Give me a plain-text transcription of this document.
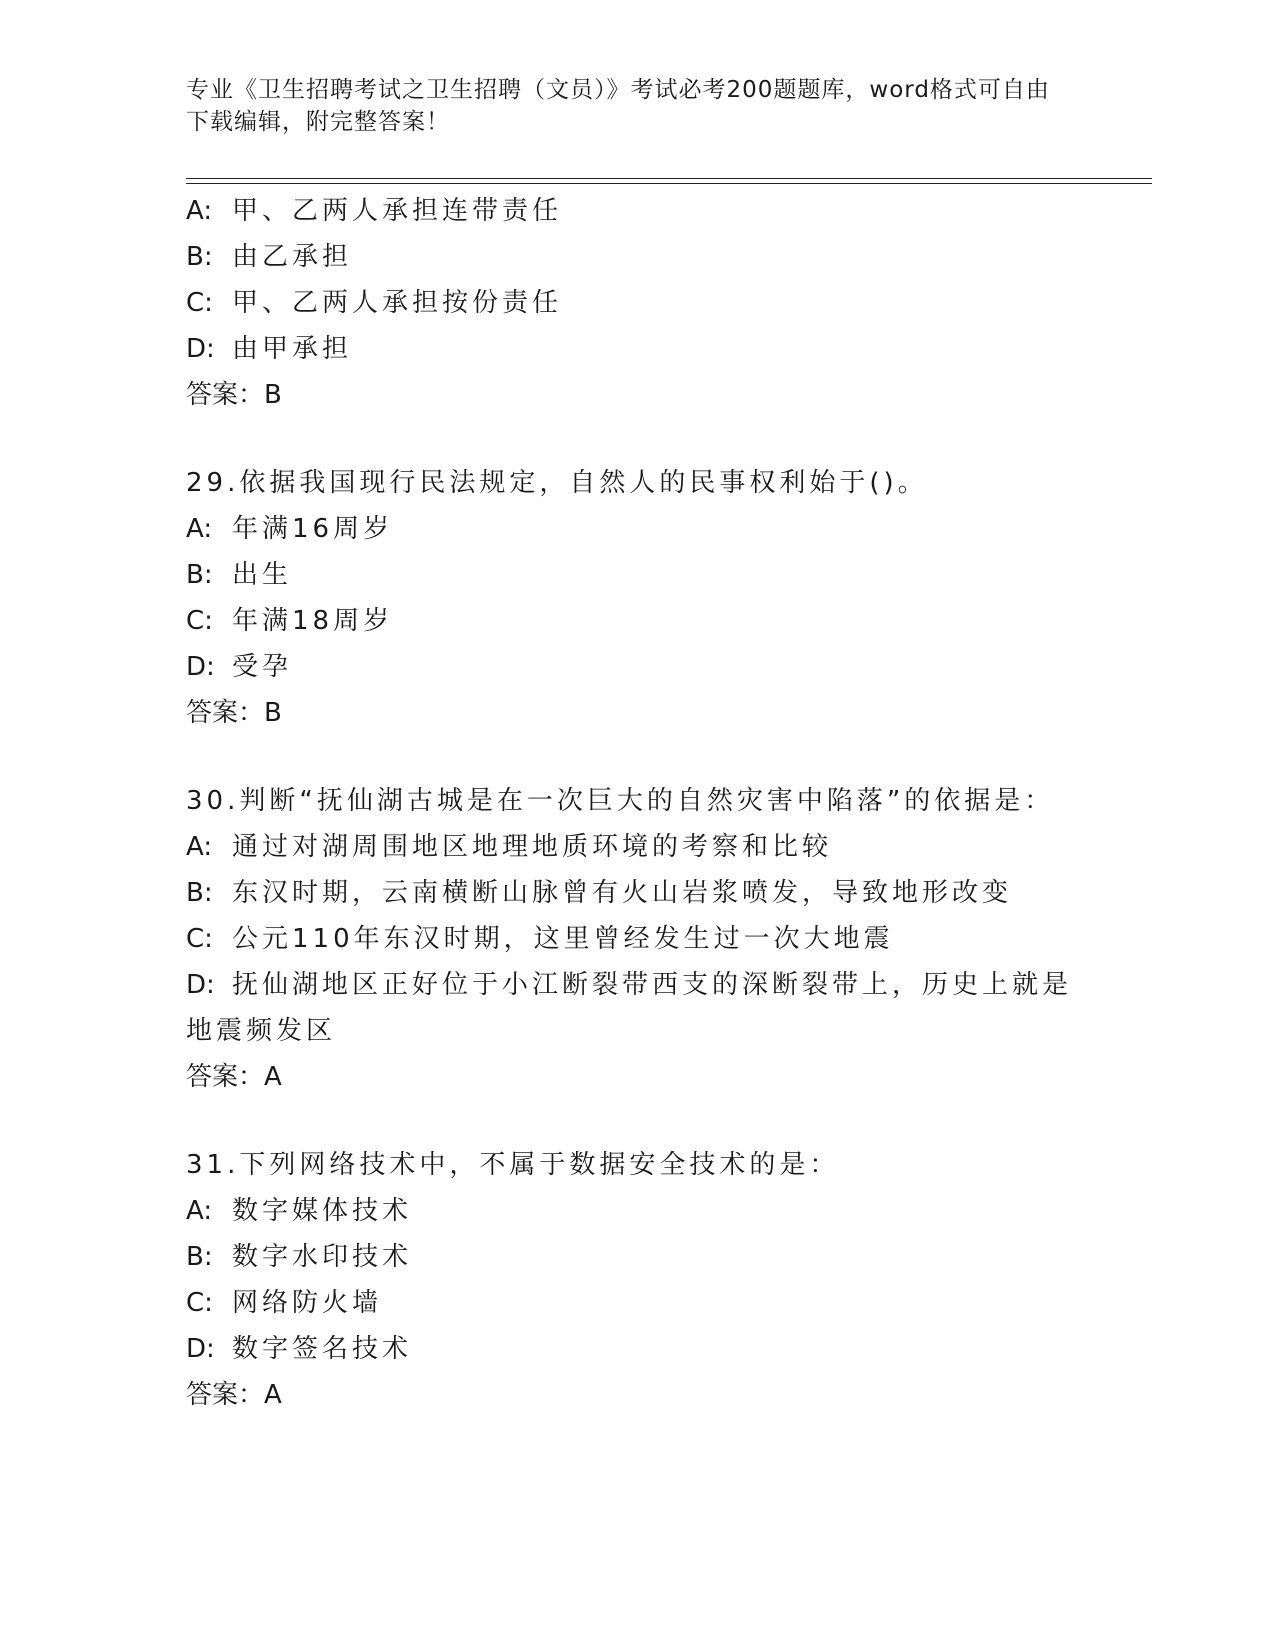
专业《卫生招聘考试之卫生招聘（文员）》考试必考200题题库，word格式可自由下载编辑，附完整答案！
A: 甲、乙两人承担连带责任
B: 由乙承担
C: 甲、乙两人承担按份责任
D: 由甲承担
答案：B
29.依据我国现行民法规定，自然人的民事权利始于()。
A: 年满16周岁
B: 出生
C: 年满18周岁
D: 受孕
答案：B
30.判断“抚仙湖古城是在一次巨大的自然灾害中陷落”的依据是：
A: 通过对湖周围地区地理地质环境的考察和比较
B: 东汉时期，云南横断山脉曾有火山岩浆喷发，导致地形改变
C: 公元110年东汉时期，这里曾经发生过一次大地震
D: 抚仙湖地区正好位于小江断裂带西支的深断裂带上，历史上就是地震频发区
答案：A
31.下列网络技术中，不属于数据安全技术的是：
A: 数字媒体技术
B: 数字水印技术
C: 网络防火墙
D: 数字签名技术
答案：A
